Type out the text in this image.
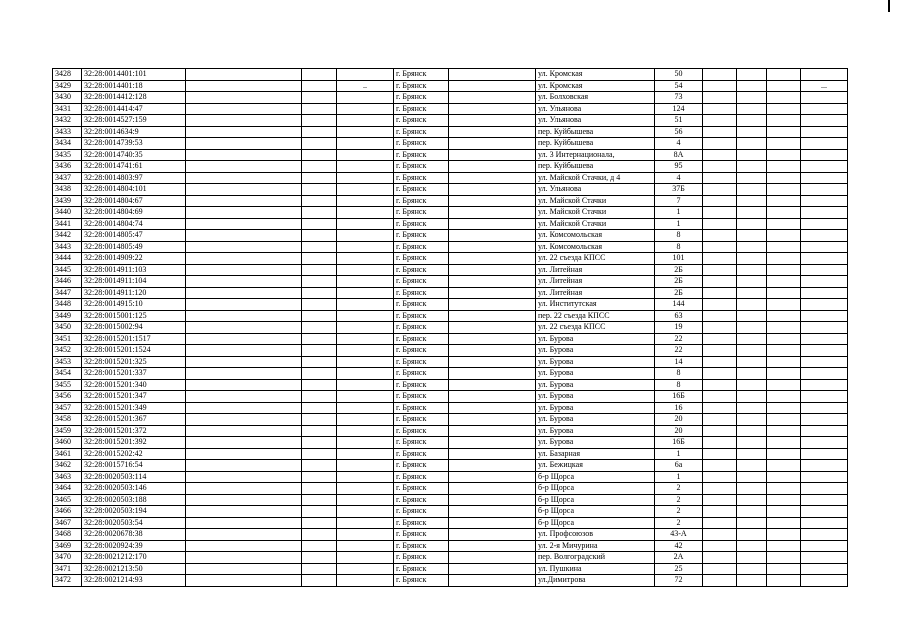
3428	32:28:0014401:101				г. Брянск		ул. Кромская	50				
3429	32:28:0014401:18			..	г. Брянск		ул. Кромская	54				...
3430	32:28:0014412:128				г. Брянск		ул. Болховская	73				
3431	32:28:0014414:47				г. Брянск		ул. Ульянова	124				
3432	32:28:0014527:159				г. Брянск		ул. Ульянова	51				
3433	32:28:0014634:9				г. Брянск		пер. Куйбышева	56				
3434	32:28:0014739:53				г. Брянск		пер. Куйбышева	4				
3435	32:28:0014740:35				г. Брянск		ул. 3 Интернационала,	8А				
3436	32:28:0014741:61				г. Брянск		пер. Куйбышева	95				
3437	32:28:0014803:97				г. Брянск		ул. Майской Стачки, д 4	4				
3438	32:28:0014804:101				г. Брянск		ул. Ульянова	37Б				
3439	32:28:0014804:67				г. Брянск		ул. Майской Стачки	7				
3440	32:28:0014804:69				г. Брянск		ул. Майской Стачки	1				
3441	32:28:0014804:74				г. Брянск		ул. Майской Стачки	1				
3442	32:28:0014805:47				г. Брянск		ул. Комсомольская	8				
3443	32:28:0014805:49				г. Брянск		ул. Комсомольская	8				
3444	32:28:0014909:22				г. Брянск		ул. 22 съезда КПСС	101				
3445	32:28:0014911:103				г. Брянск		ул. Литейная	2Б				
3446	32:28:0014911:104				г. Брянск		ул. Литейная	2Б				
3447	32:28:0014911:120				г. Брянск		ул. Литейная	2Б				
3448	32:28:0014915:10				г. Брянск		ул. Институтская	144				
3449	32:28:0015001:125				г. Брянск		пер. 22 съезда КПСС	63				
3450	32:28:0015002:94				г. Брянск		ул. 22 съезда КПСС	19				
3451	32:28:0015201:1517				г. Брянск		ул. Бурова	22				
3452	32:28:0015201:1524				г. Брянск		ул. Бурова	22				
3453	32:28:0015201:325				г. Брянск		ул. Бурова	14				
3454	32:28:0015201:337				г. Брянск		ул. Бурова	8				
3455	32:28:0015201:340				г. Брянск		ул. Бурова	8				
3456	32:28:0015201:347				г. Брянск		ул. Бурова	16Б				
3457	32:28:0015201:349				г. Брянск		ул. Бурова	16				
3458	32:28:0015201:367				г. Брянск		ул. Бурова	20				
3459	32:28:0015201:372				г. Брянск		ул. Бурова	20				
3460	32:28:0015201:392				г. Брянск		ул. Бурова	16Б				
3461	32:28:0015202:42				г. Брянск		ул. Базарная	1				
3462	32:28:0015716:54				г. Брянск		ул. Бежицкая	6а				
3463	32:28:0020503:114				г. Брянск		б-р Щорса	1				
3464	32:28:0020503:146				г. Брянск		б-р Щорса	2				
3465	32:28:0020503:188				г. Брянск		б-р Щорса	2				
3466	32:28:0020503:194				г. Брянск		б-р Щорса	2				
3467	32:28:0020503:54				г. Брянск		б-р Щорса	2				
3468	32:28:0020678:38				г. Брянск		ул. Профсоюзов	43-А				
3469	32:28:0020924:39				г. Брянск		ул. 2-я Мичурина	42				
3470	32:28:0021212:170				г. Брянск		пер. Волгоградский	2А				
3471	32:28:0021213:50				г. Брянск		ул. Пушкина	25				
3472	32:28:0021214:93				г. Брянск		ул.Димитрова	72				
